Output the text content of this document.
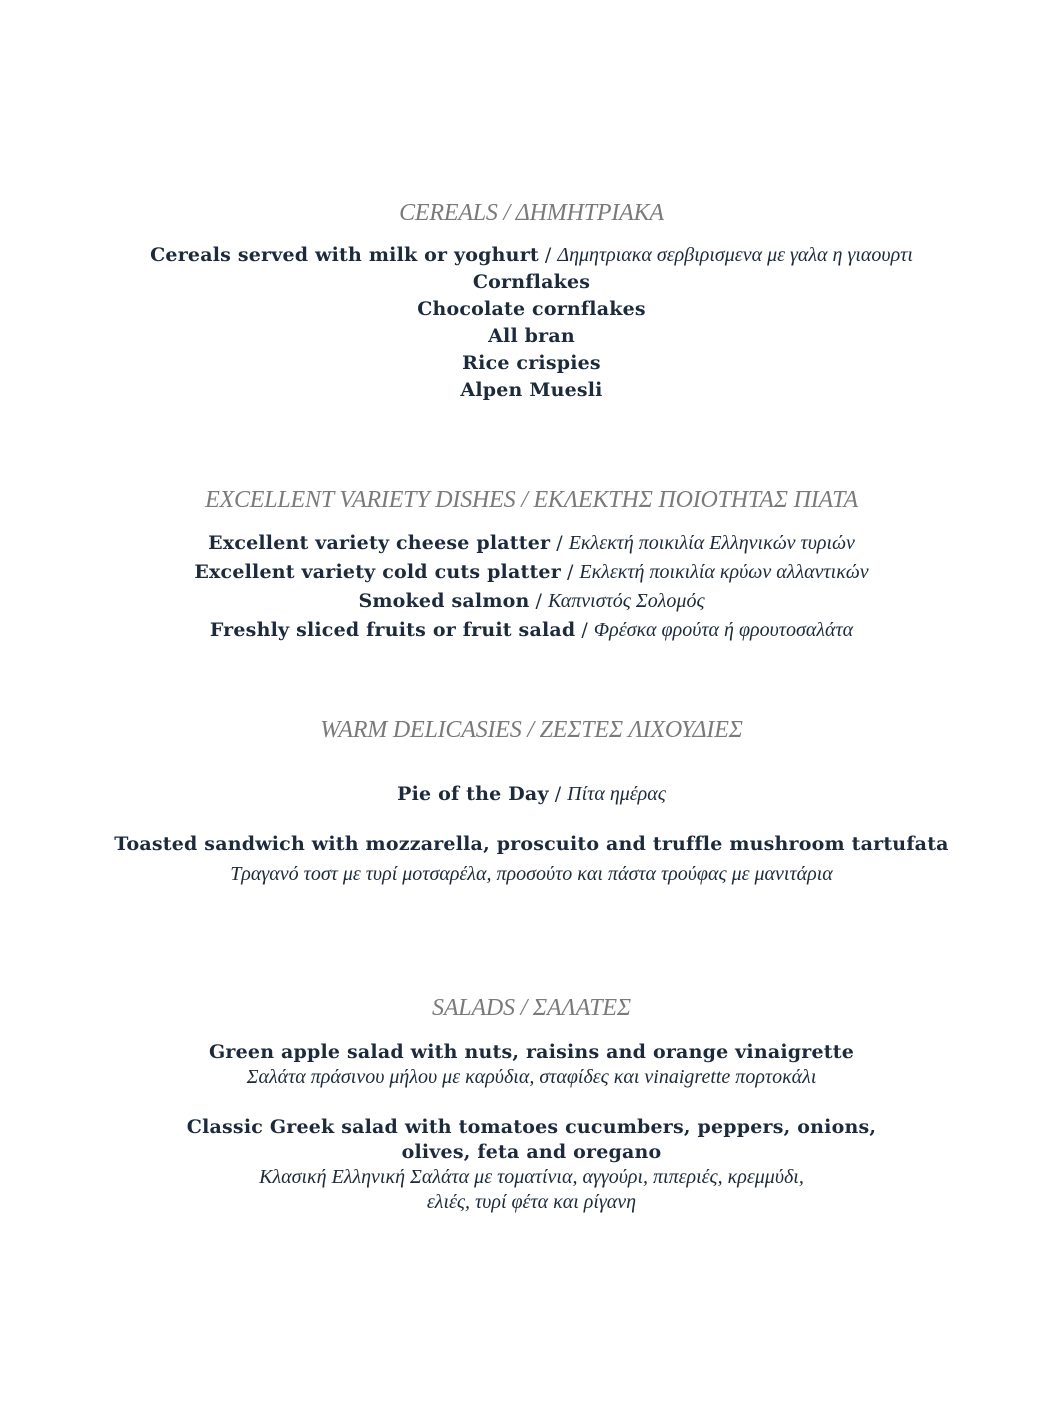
CEREALS / ΔΗΜΗΤΡΙΑΚΑ
Cereals served with milk or yoghurt / Δημητριακα σερβιρισμενα με γαλα η γιαουρτι
Cornflakes
Chocolate cornflakes
All bran
Rice crispies
Alpen Muesli
EXCELLENT VARIETY DISHES / ΕΚΛΕΚΤΗΣ ΠΟΙΟΤΗΤΑΣ ΠΙΑΤΑ
Excellent variety cheese platter / Εκλεκτή ποικιλία Ελληνικών τυριών
Excellent variety cold cuts platter / Εκλεκτή ποικιλία κρύων αλλαντικών
Smoked salmon / Καπνιστός Σολομός
Freshly sliced fruits or fruit salad / Φρέσκα φρούτα ή φρουτοσαλάτα
WARM DELICASIES / ΖΕΣΤΕΣ ΛΙΧΟΥΔΙΕΣ
Pie of the Day / Πίτα ημέρας
Toasted sandwich with mozzarella, proscuito and truffle mushroom tartufata
Τραγανό τοστ με τυρί μοτσαρέλα, προσούτο και πάστα τρούφας με μανιτάρια
SALADS / ΣΑΛΑΤΕΣ
Green apple salad with nuts, raisins and orange vinaigrette
Σαλάτα πράσινου μήλου με καρύδια, σταφίδες και vinaigrette πορτοκάλι
Classic Greek salad with tomatoes cucumbers, peppers, onions,
olives, feta and oregano
Κλασική Ελληνική Σαλάτα με τοματίνια, αγγούρι, πιπεριές, κρεμμύδι,
ελιές, τυρί φέτα και ρίγανη
